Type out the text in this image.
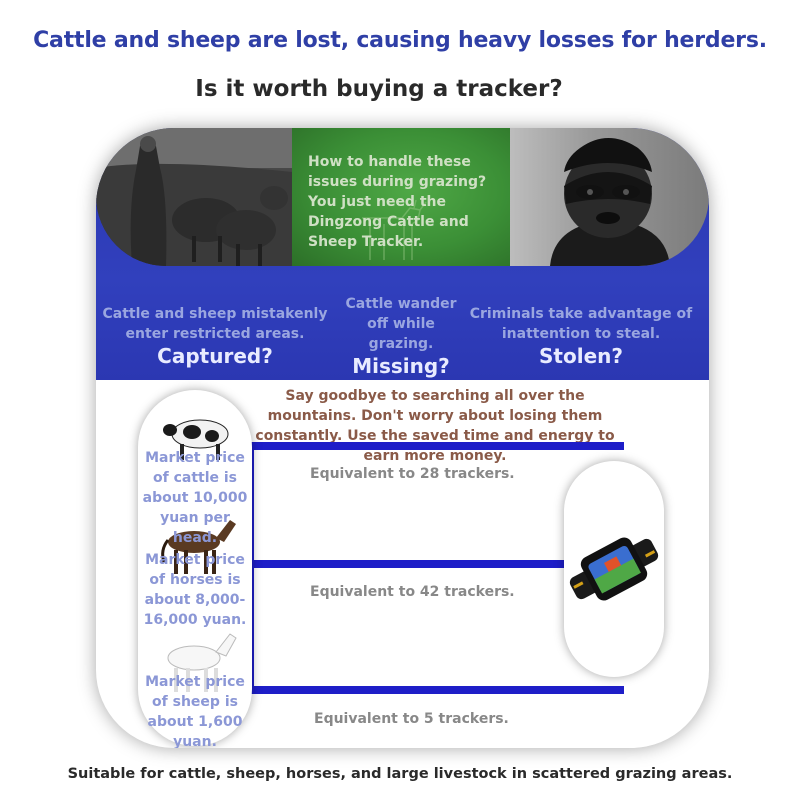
Cattle and sheep are lost, causing heavy losses for herders.
Is it worth buying a tracker?
How to handle these issues during grazing? You just need the Dingzong Cattle and Sheep Tracker.
Cattle and sheep mistakenly enter restricted areas.
Captured?
Cattle wander off while grazing.
Missing?
Criminals take advantage of inattention to steal.
Stolen?
Say goodbye to searching all over the mountains. Don't worry about losing them constantly. Use the saved time and energy to earn more money.
Equivalent to 28 trackers.
Equivalent to 42 trackers.
Equivalent to 5 trackers.
Market price of cattle is about 10,000 yuan per head.
Market price of horses is about 8,000-16,000 yuan.
Market price of sheep is about 1,600 yuan.
Suitable for cattle, sheep, horses, and large livestock in scattered grazing areas.
